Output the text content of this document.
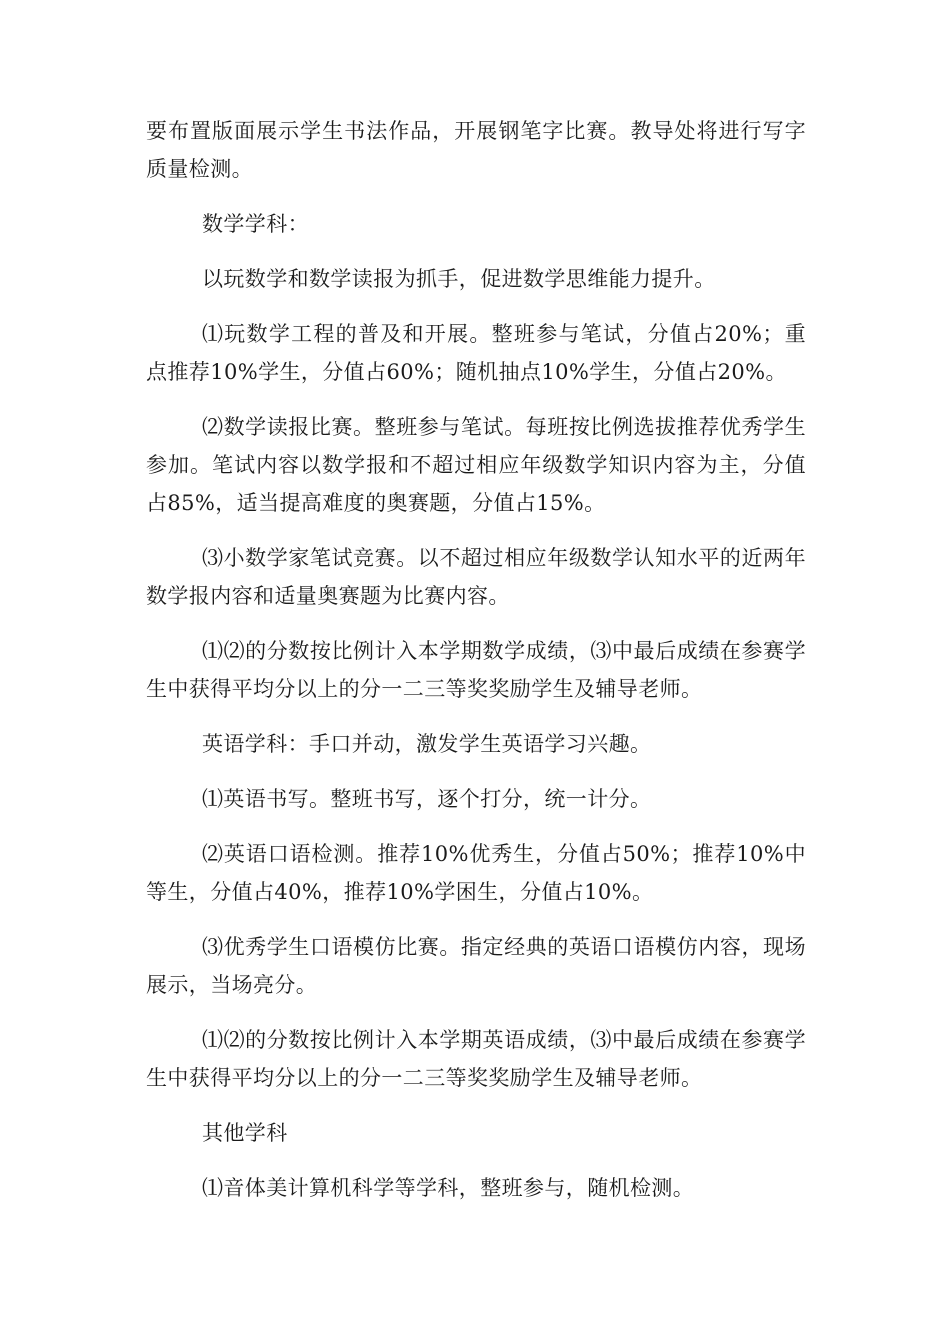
要布置版面展示学生书法作品，开展钢笔字比赛。教导处将进行写字质量检测。

数学学科：

以玩数学和数学读报为抓手，促进数学思维能力提升。

⑴玩数学工程的普及和开展。整班参与笔试，分值占20%；重点推荐10%学生，分值占60%；随机抽点10%学生，分值占20%。

⑵数学读报比赛。整班参与笔试。每班按比例选拔推荐优秀学生参加。笔试内容以数学报和不超过相应年级数学知识内容为主，分值占85%，适当提高难度的奥赛题，分值占15%。

⑶小数学家笔试竞赛。以不超过相应年级数学认知水平的近两年数学报内容和适量奥赛题为比赛内容。

⑴⑵的分数按比例计入本学期数学成绩，⑶中最后成绩在参赛学生中获得平均分以上的分一二三等奖奖励学生及辅导老师。

英语学科：手口并动，激发学生英语学习兴趣。

⑴英语书写。整班书写，逐个打分，统一计分。

⑵英语口语检测。推荐10%优秀生，分值占50%；推荐10%中等生，分值占40%，推荐10%学困生，分值占10%。

⑶优秀学生口语模仿比赛。指定经典的英语口语模仿内容，现场展示，当场亮分。

⑴⑵的分数按比例计入本学期英语成绩，⑶中最后成绩在参赛学生中获得平均分以上的分一二三等奖奖励学生及辅导老师。

其他学科

⑴音体美计算机科学等学科，整班参与，随机检测。
